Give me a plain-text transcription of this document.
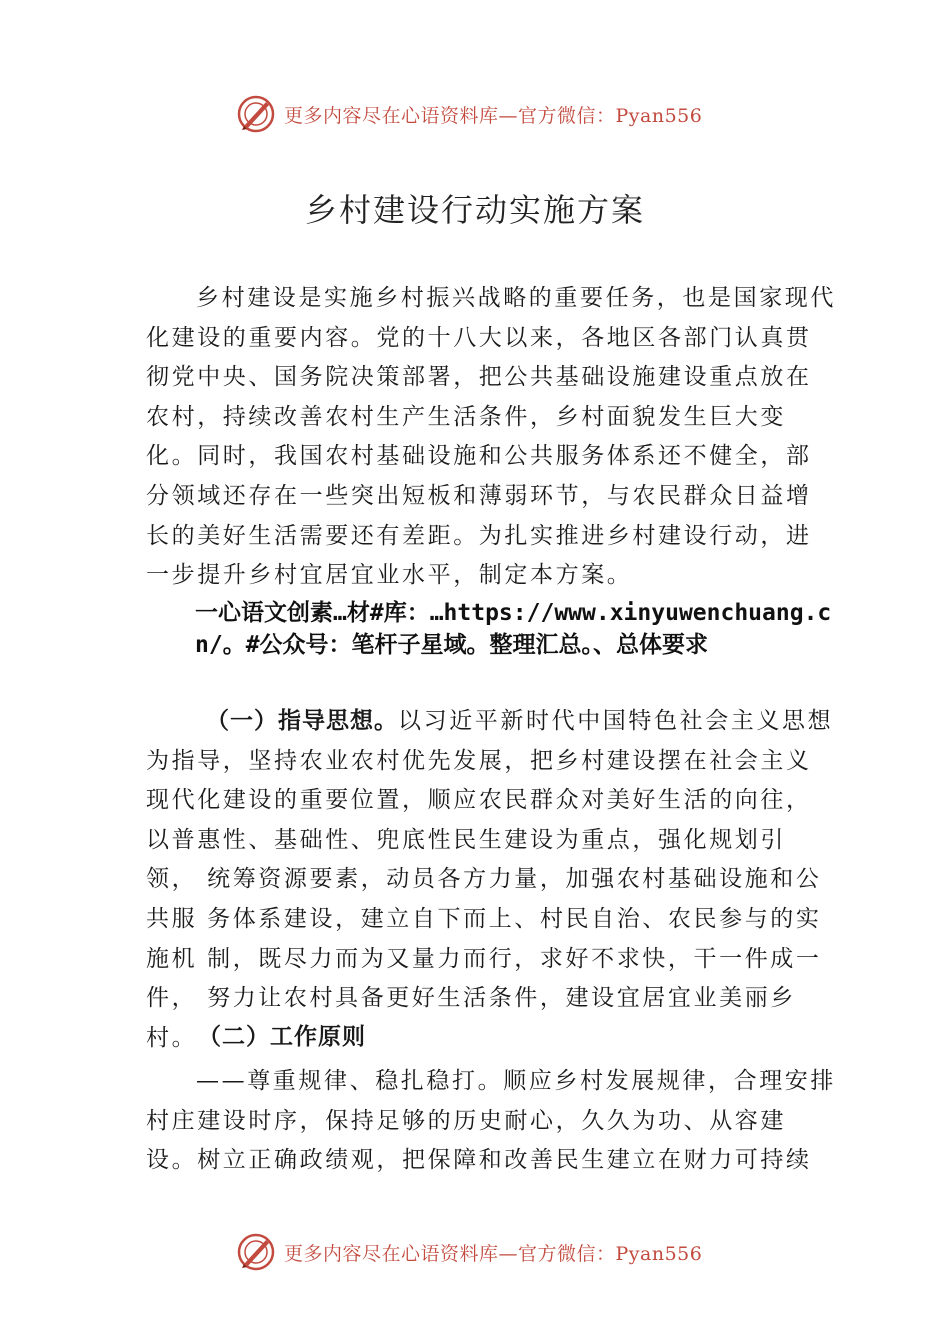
更多内容尽在心语资料库—官方微信：Pyan556
乡村建设行动实施方案

乡村建设是实施乡村振兴战略的重要任务，也是国家现代化建设的重要内容。党的十八大以来，各地区各部门认真贯彻党中央、国务院决策部署，把公共基础设施建设重点放在农村，持续改善农村生产生活条件，乡村面貌发生巨大变化。同时，我国农村基础设施和公共服务体系还不健全，部分领域还存在一些突出短板和薄弱环节，与农民群众日益增长的美好生活需要还有差距。为扎实推进乡村建设行动，进一步提升乡村宜居宜业水平，制定本方案。

一心语文创素…材#库：…https://www.xinyuwenchuang.cn/。#公众号：笔杆子星域。整理汇总。、总体要求

（一）指导思想。以习近平新时代中国特色社会主义思想为指导，坚持农业农村优先发展，把乡村建设摆在社会主义现代化建设的重要位置，顺应农民群众对美好生活的向往，以普惠性、基础性、兜底性民生建设为重点，强化规划引领， 统筹资源要素，动员各方力量，加强农村基础设施和公共服 务体系建设，建立自下而上、村民自治、农民参与的实施机 制，既尽力而为又量力而行，求好不求快，干一件成一件， 努力让农村具备更好生活条件，建设宜居宜业美丽乡村。 （二）工作原则

——尊重规律、稳扎稳打。顺应乡村发展规律，合理安排村庄建设时序，保持足够的历史耐心，久久为功、从容建设。树立正确政绩观，把保障和改善民生建立在财力可持续

更多内容尽在心语资料库—官方微信：Pyan556
